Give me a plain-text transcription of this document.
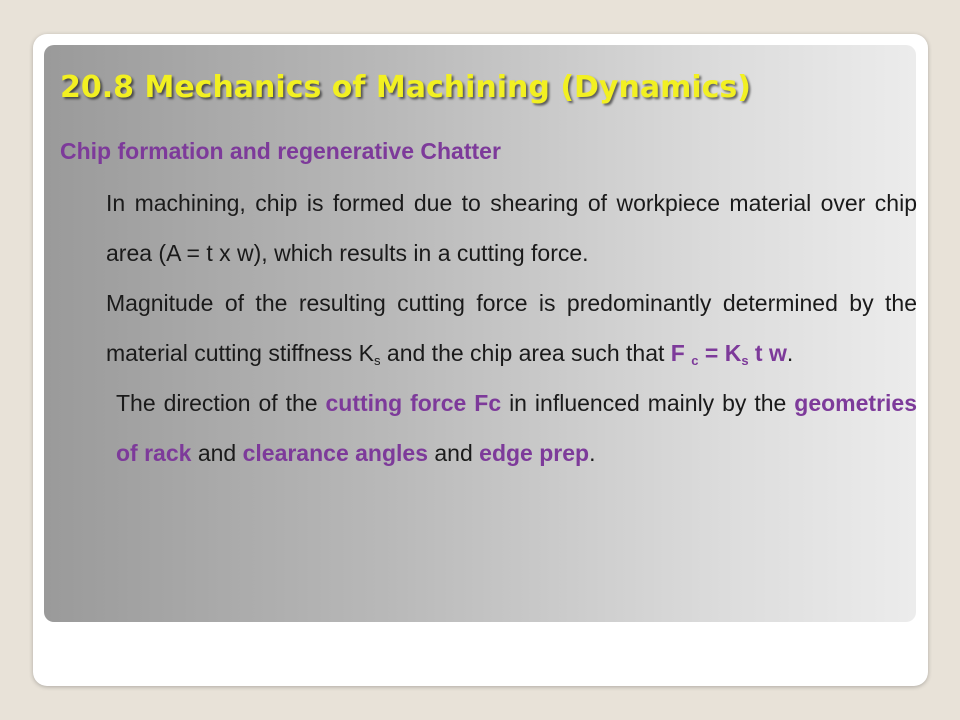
20.8 Mechanics of Machining (Dynamics)
Chip formation and regenerative Chatter

In machining, chip is formed due to shearing of workpiece material over chip area (A = t x w), which results in a cutting force.

Magnitude of the resulting cutting force is predominantly determined by the material cutting stiffness $K_s$ and the chip area such that F $_c = K_s$ t w.

The direction of the cutting force Fc in influenced mainly by the geometries of rack and clearance angles and edge prep.
